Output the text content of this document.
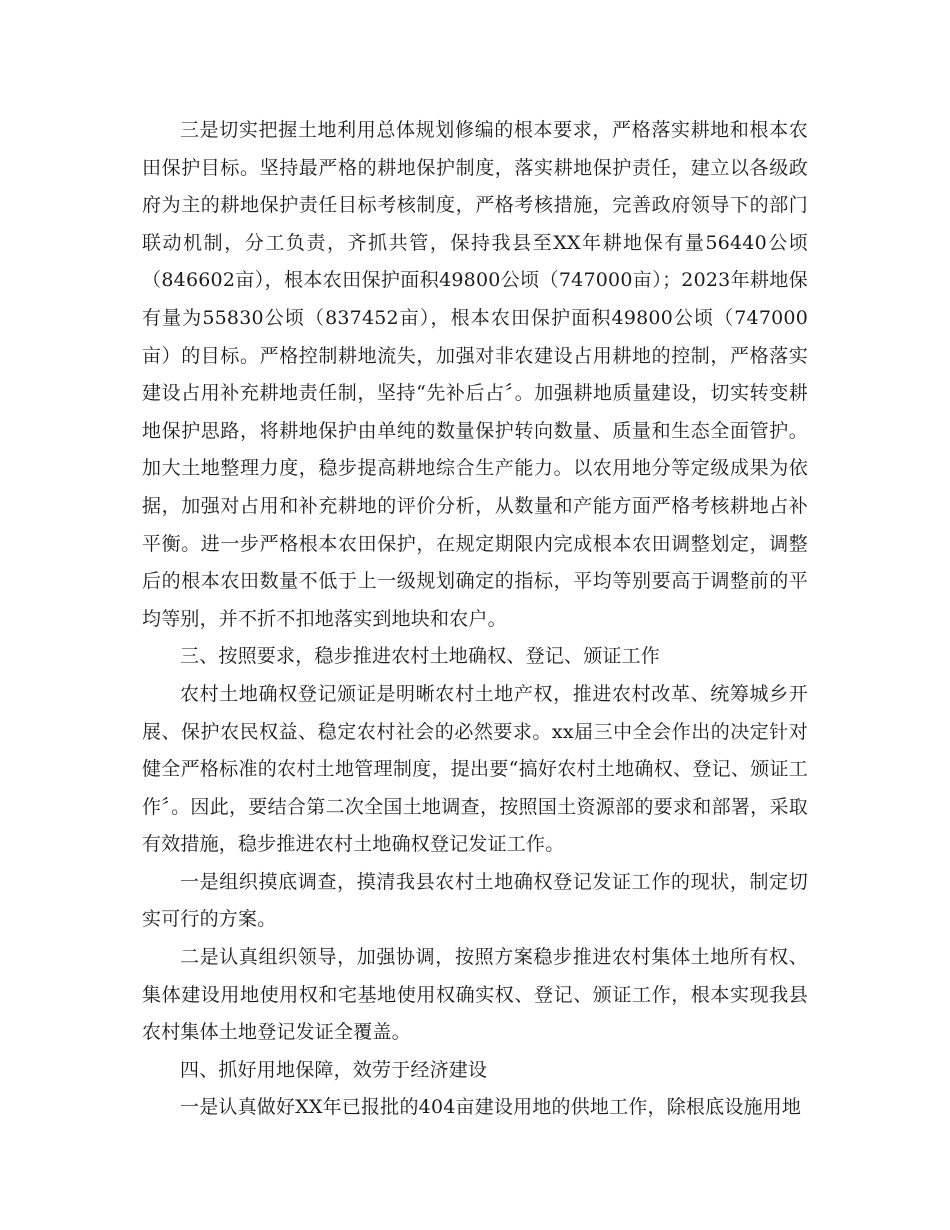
三是切实把握土地利用总体规划修编的根本要求，严格落实耕地和根本农田保护目标。坚持最严格的耕地保护制度，落实耕地保护责任，建立以各级政府为主的耕地保护责任目标考核制度，严格考核措施，完善政府领导下的部门联动机制，分工负责，齐抓共管，保持我县至XX年耕地保有量56440公顷（846602亩），根本农田保护面积49800公顷（747000亩）；2023年耕地保有量为55830公顷（837452亩），根本农田保护面积49800公顷（747000亩）的目标。严格控制耕地流失，加强对非农建设占用耕地的控制，严格落实建设占用补充耕地责任制，坚持“先补后占〞。加强耕地质量建设，切实转变耕地保护思路，将耕地保护由单纯的数量保护转向数量、质量和生态全面管护。加大土地整理力度，稳步提高耕地综合生产能力。以农用地分等定级成果为依据，加强对占用和补充耕地的评价分析，从数量和产能方面严格考核耕地占补平衡。进一步严格根本农田保护，在规定期限内完成根本农田调整划定，调整后的根本农田数量不低于上一级规划确定的指标，平均等别要高于调整前的平均等别，并不折不扣地落实到地块和农户。

三、按照要求，稳步推进农村土地确权、登记、颁证工作

农村土地确权登记颁证是明晰农村土地产权，推进农村改革、统筹城乡开展、保护农民权益、稳定农村社会的必然要求。xx届三中全会作出的决定针对健全严格标准的农村土地管理制度，提出要“搞好农村土地确权、登记、颁证工作〞。因此，要结合第二次全国土地调查，按照国土资源部的要求和部署，采取有效措施，稳步推进农村土地确权登记发证工作。

一是组织摸底调查，摸清我县农村土地确权登记发证工作的现状，制定切实可行的方案。

二是认真组织领导，加强协调，按照方案稳步推进农村集体土地所有权、集体建设用地使用权和宅基地使用权确实权、登记、颁证工作，根本实现我县农村集体土地登记发证全覆盖。

四、抓好用地保障，效劳于经济建设

一是认真做好XX年已报批的404亩建设用地的供地工作，除根底设施用地
